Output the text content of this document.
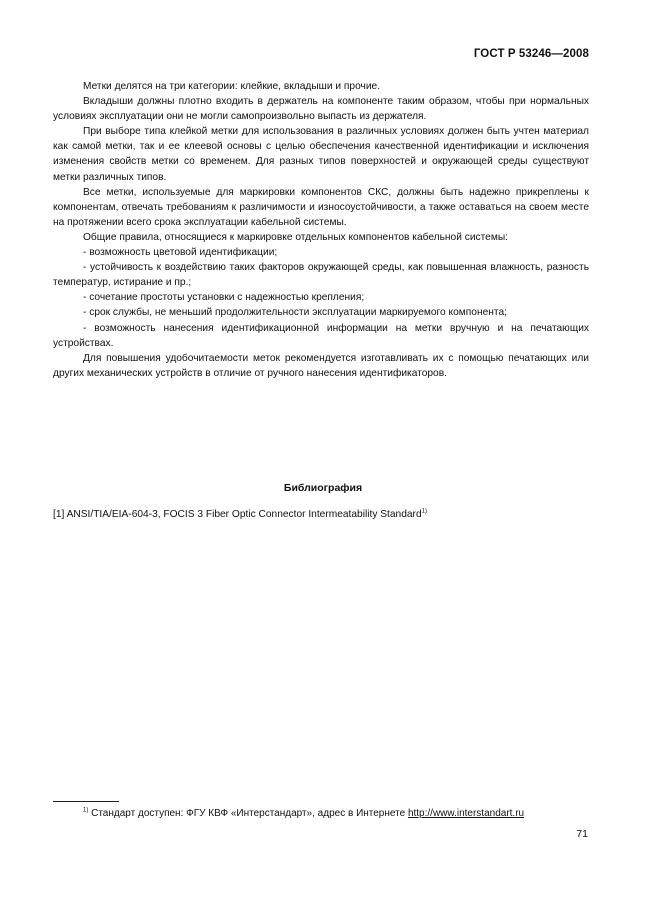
ГОСТ Р 53246—2008

Метки делятся на три категории: клейкие, вкладыши и прочие.

Вкладыши должны плотно входить в держатель на компоненте таким образом, чтобы при нормальных условиях эксплуатации они не могли самопроизвольно выпасть из держателя.

При выборе типа клейкой метки для использования в различных условиях должен быть учтен материал как самой метки, так и ее клеевой основы с целью обеспечения качественной идентификации и исключения изменения свойств метки со временем. Для разных типов поверхностей и окружающей среды существуют метки различных типов.

Все метки, используемые для маркировки компонентов СКС, должны быть надежно прикреплены к компонентам, отвечать требованиям к различимости и износоустойчивости, а также оставаться на своем месте на протяжении всего срока эксплуатации кабельной системы.

Общие правила, относящиеся к маркировке отдельных компонентов кабельной системы:

- возможность цветовой идентификации;

- устойчивость к воздействию таких факторов окружающей среды, как повышенная влажность, разность температур, истирание и пр.;

- сочетание простоты установки с надежностью крепления;

- срок службы, не меньший продолжительности эксплуатации маркируемого компонента;

- возможность нанесения идентификационной информации на метки вручную и на печатающих устройствах.

Для повышения удобочитаемости меток рекомендуется изготавливать их с помощью печатающих или других механических устройств в отличие от ручного нанесения идентификаторов.

Библиография
[1] ANSI/TIA/EIA-604-3, FOCIS 3 Fiber Optic Connector Intermeatability Standard$^{1)}$
$^{1)}$ Стандарт доступен: ФГУ КВФ «Интерстандарт», адрес в Интернете http://www.interstandart.ru
71
